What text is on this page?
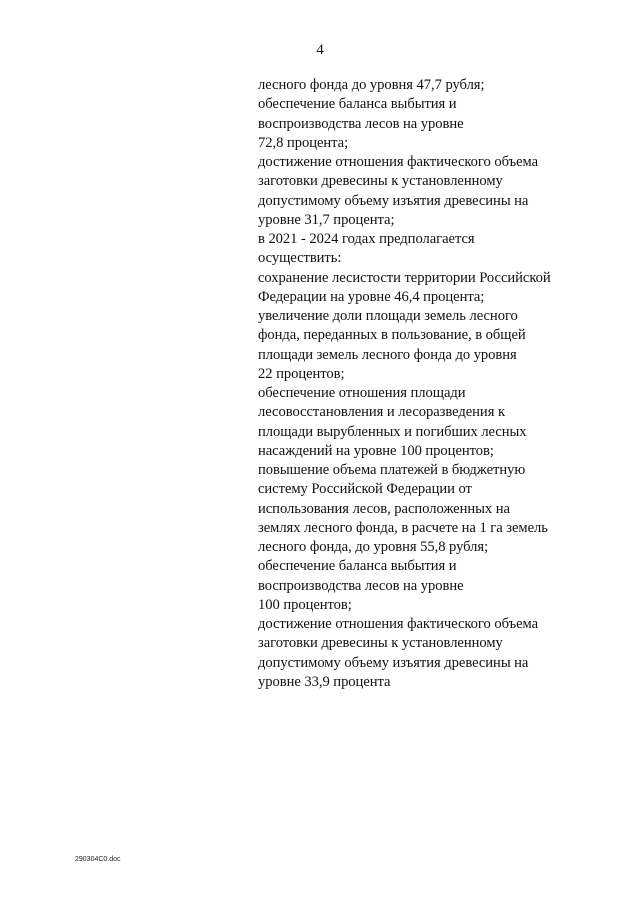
4
лесного фонда до уровня 47,7 рубля;
обеспечение баланса выбытия и
воспроизводства лесов на уровне
72,8 процента;
достижение отношения фактического объема
заготовки древесины к установленному
допустимому объему изъятия древесины на
уровне 31,7 процента;
в 2021 - 2024 годах предполагается
осуществить:
сохранение лесистости территории Российской
Федерации на уровне 46,4 процента;
увеличение доли площади земель лесного
фонда, переданных в пользование, в общей
площади земель лесного фонда до уровня
22 процентов;
обеспечение отношения площади
лесовосстановления и лесоразведения к
площади вырубленных и погибших лесных
насаждений на уровне 100 процентов;
повышение объема платежей в бюджетную
систему Российской Федерации от
использования лесов, расположенных на
землях лесного фонда, в расчете на 1 га земель
лесного фонда, до уровня 55,8 рубля;
обеспечение баланса выбытия и
воспроизводства лесов на уровне
100 процентов;
достижение отношения фактического объема
заготовки древесины к установленному
допустимому объему изъятия древесины на
уровне 33,9 процента
290304C0.doc
